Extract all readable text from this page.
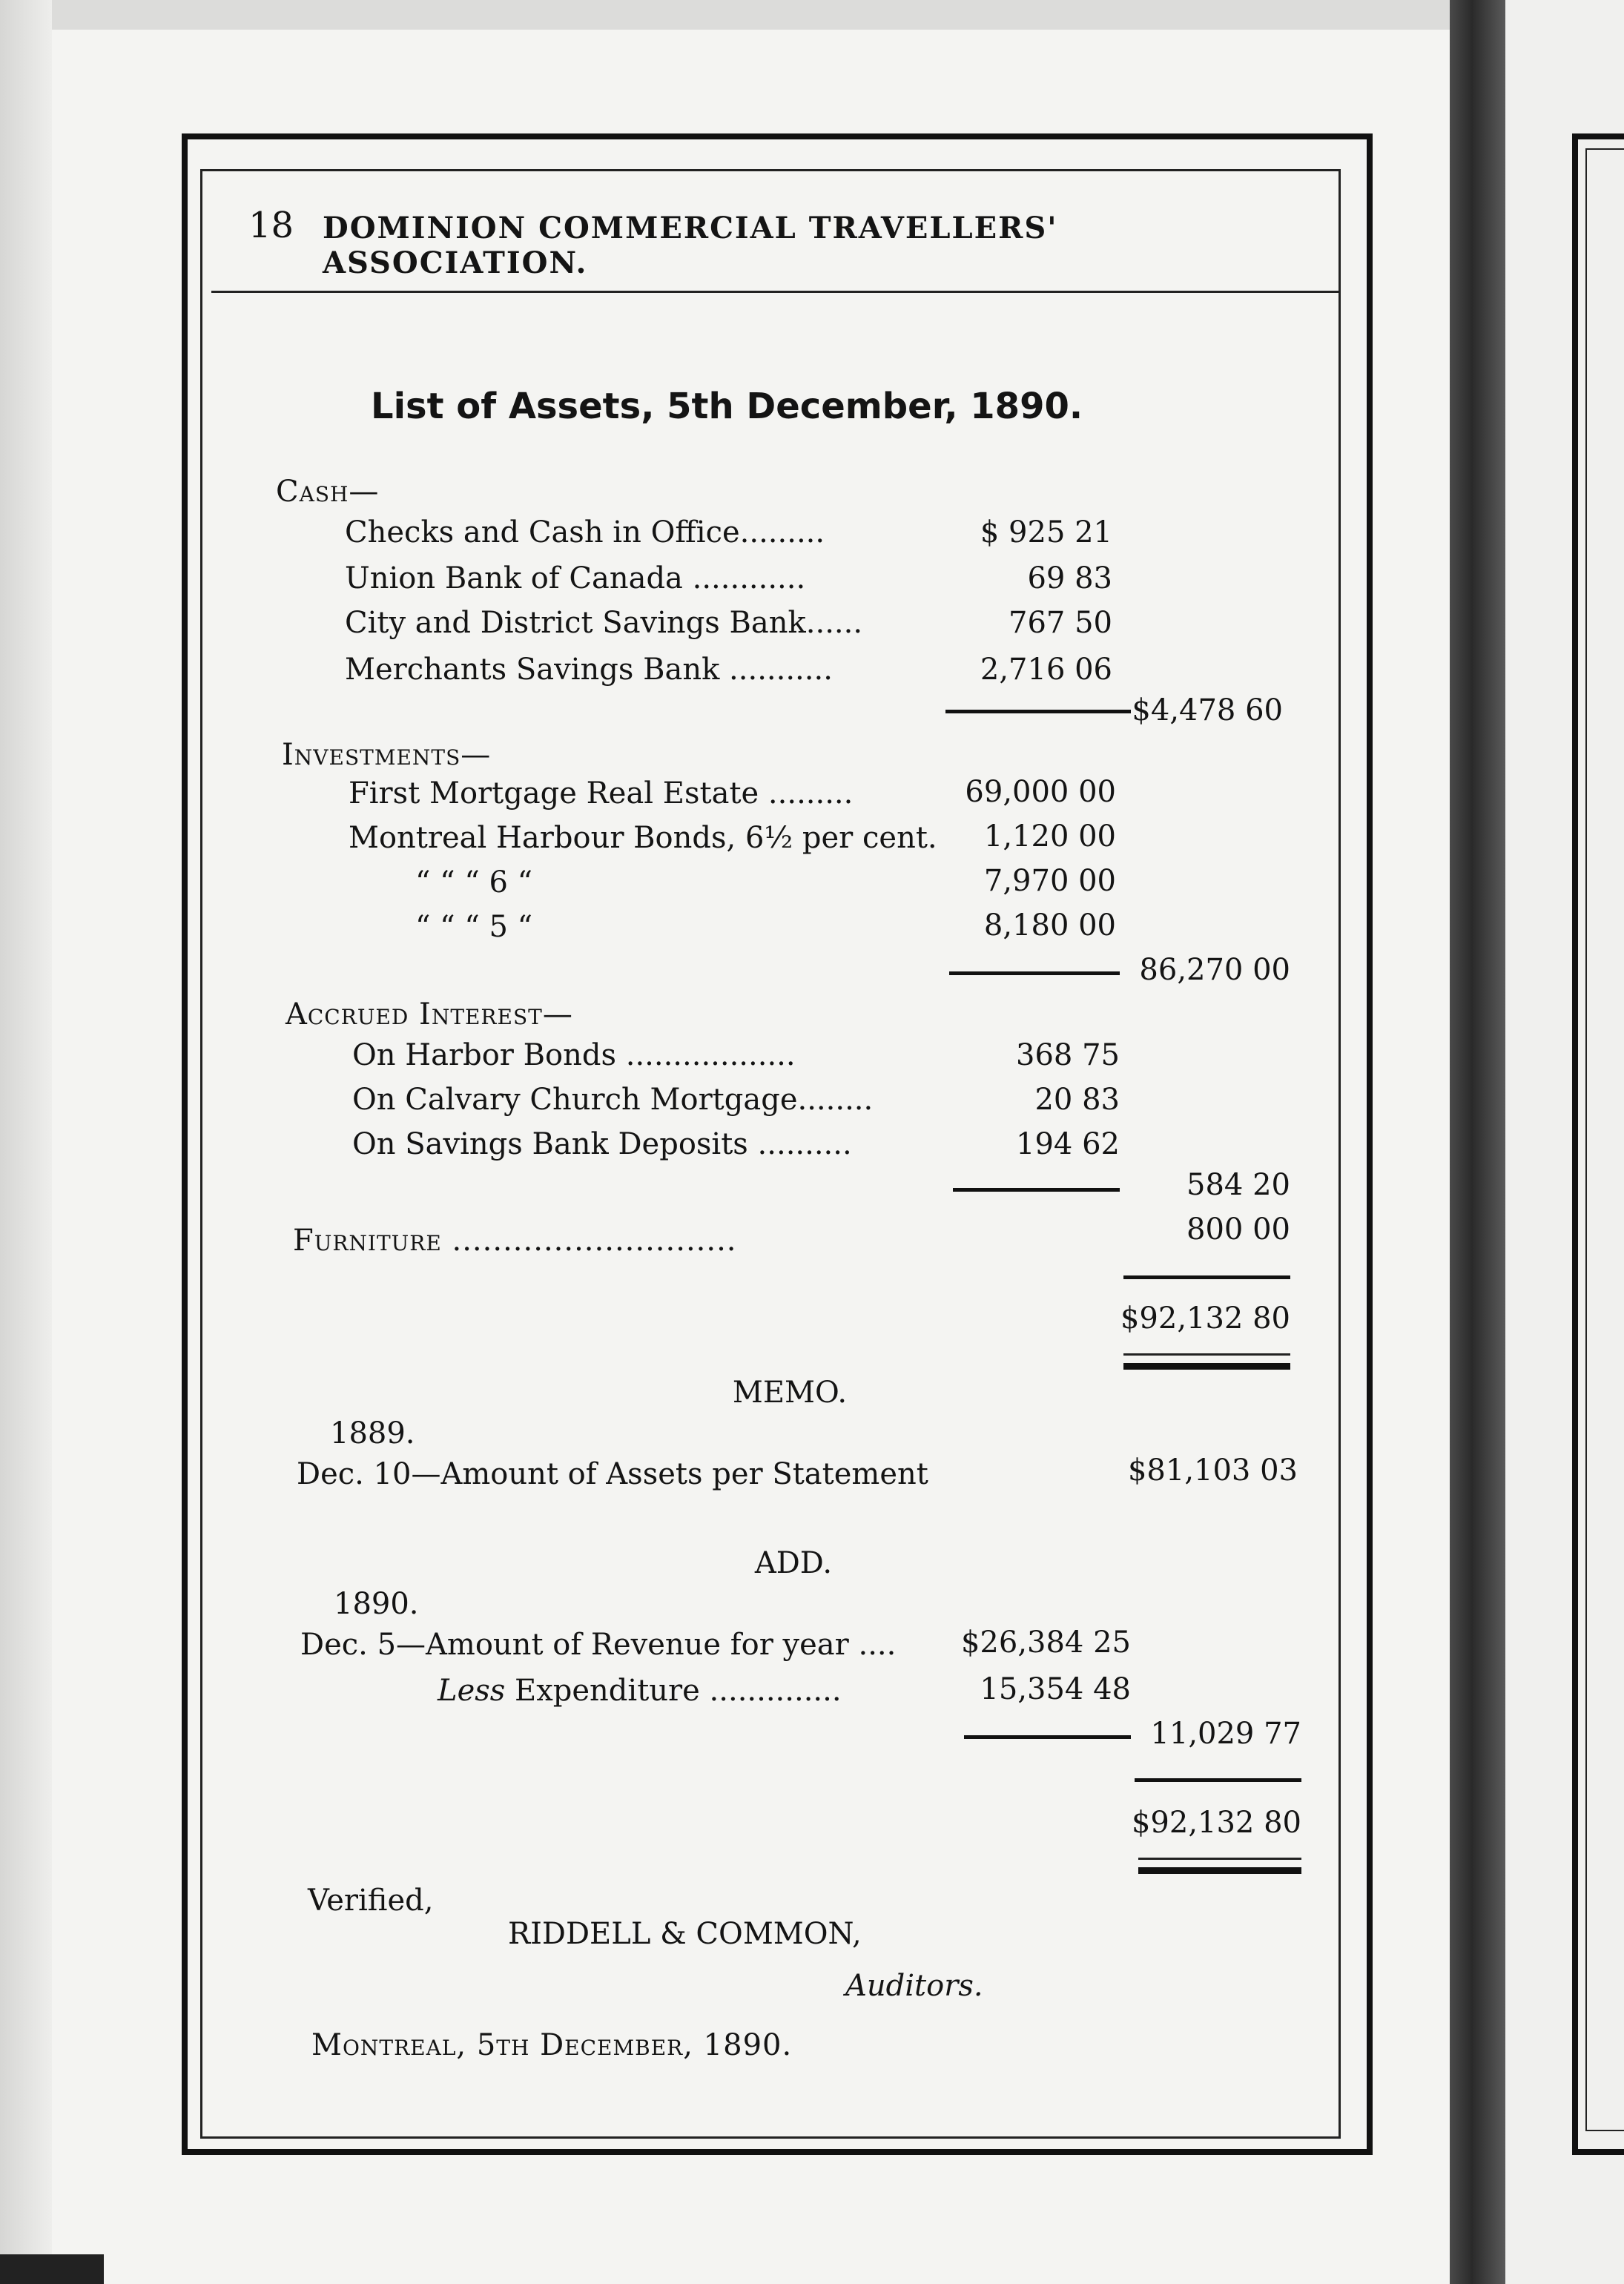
18 DOMINION COMMERCIAL TRAVELLERS' ASSOCIATION.
List of Assets, 5th December, 1890.
Cash—
Checks and Cash in Office.........	$ 925 21
Union Bank of Canada ............	69 83
City and District Savings Bank......	767 50
Merchants Savings Bank ...........	2,716 06
$4,478 60
Investments—
First Mortgage Real Estate .........	69,000 00
Montreal Harbour Bonds, 6½ per cent.	1,120 00
“ “ “ 6 “	7,970 00
“ “ “ 5 “	8,180 00
86,270 00
Accrued Interest—
On Harbor Bonds ..................	368 75
On Calvary Church Mortgage........	20 83
On Savings Bank Deposits ..........	194 62
584 20
Furniture ............................	800 00
$92,132 80
MEMO.
1889.
Dec. 10—Amount of Assets per Statement	$81,103 03
ADD.
1890.
Dec. 5—Amount of Revenue for year .... $26,384 25
Less Expenditure ..............	15,354 48
11,029 77
$92,132 80
Verified,
RIDDELL & COMMON,
Auditors.
Montreal, 5th December, 1890.
